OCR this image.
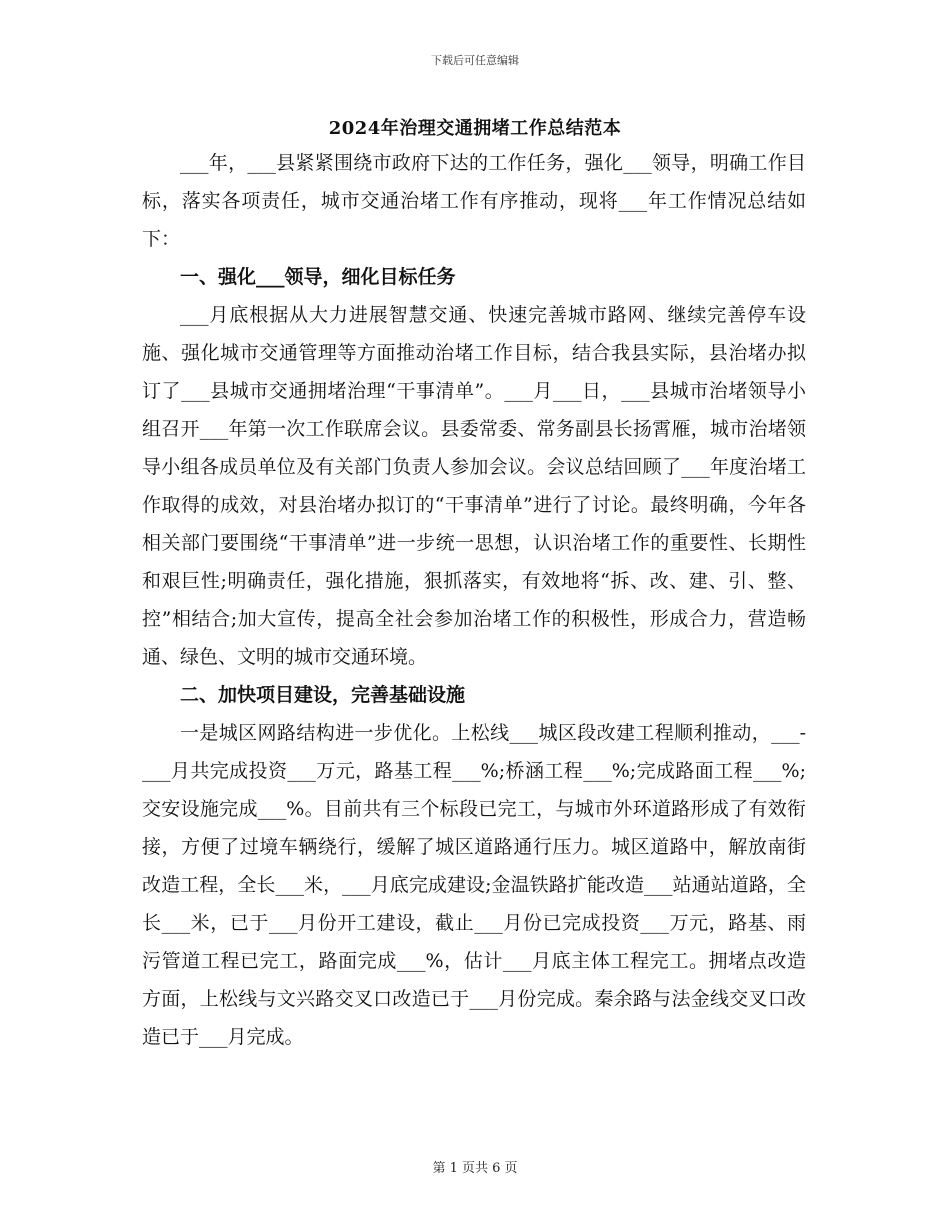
下载后可任意编辑
2024年治理交通拥堵工作总结范本

___年，___县紧紧围绕市政府下达的工作任务，强化___领导，明确工作目标，落实各项责任，城市交通治堵工作有序推动，现将___年工作情况总结如下：

一、强化___领导，细化目标任务

___月底根据从大力进展智慧交通、快速完善城市路网、继续完善停车设施、强化城市交通管理等方面推动治堵工作目标，结合我县实际，县治堵办拟订了___县城市交通拥堵治理“干事清单”。___月___日，___县城市治堵领导小组召开___年第一次工作联席会议。县委常委、常务副县长扬霄雁，城市治堵领导小组各成员单位及有关部门负责人参加会议。会议总结回顾了___年度治堵工作取得的成效，对县治堵办拟订的“干事清单”进行了讨论。最终明确，今年各相关部门要围绕“干事清单”进一步统一思想，认识治堵工作的重要性、长期性和艰巨性;明确责任，强化措施，狠抓落实，有效地将“拆、改、建、引、整、控”相结合;加大宣传，提高全社会参加治堵工作的积极性，形成合力，营造畅通、绿色、文明的城市交通环境。

二、加快项目建设，完善基础设施

一是城区网路结构进一步优化。上松线___城区段改建工程顺利推动，___-___月共完成投资___万元，路基工程___%;桥涵工程___%;完成路面工程___%;交安设施完成___%。目前共有三个标段已完工，与城市外环道路形成了有效衔接，方便了过境车辆绕行，缓解了城区道路通行压力。城区道路中，解放南街改造工程，全长___米，___月底完成建设;金温铁路扩能改造___站通站道路，全长___米，已于___月份开工建设，截止___月份已完成投资___万元，路基、雨污管道工程已完工，路面完成___%，估计___月底主体工程完工。拥堵点改造方面，上松线与文兴路交叉口改造已于___月份完成。秦余路与法金线交叉口改造已于___月完成。

第 1 页共 6 页
